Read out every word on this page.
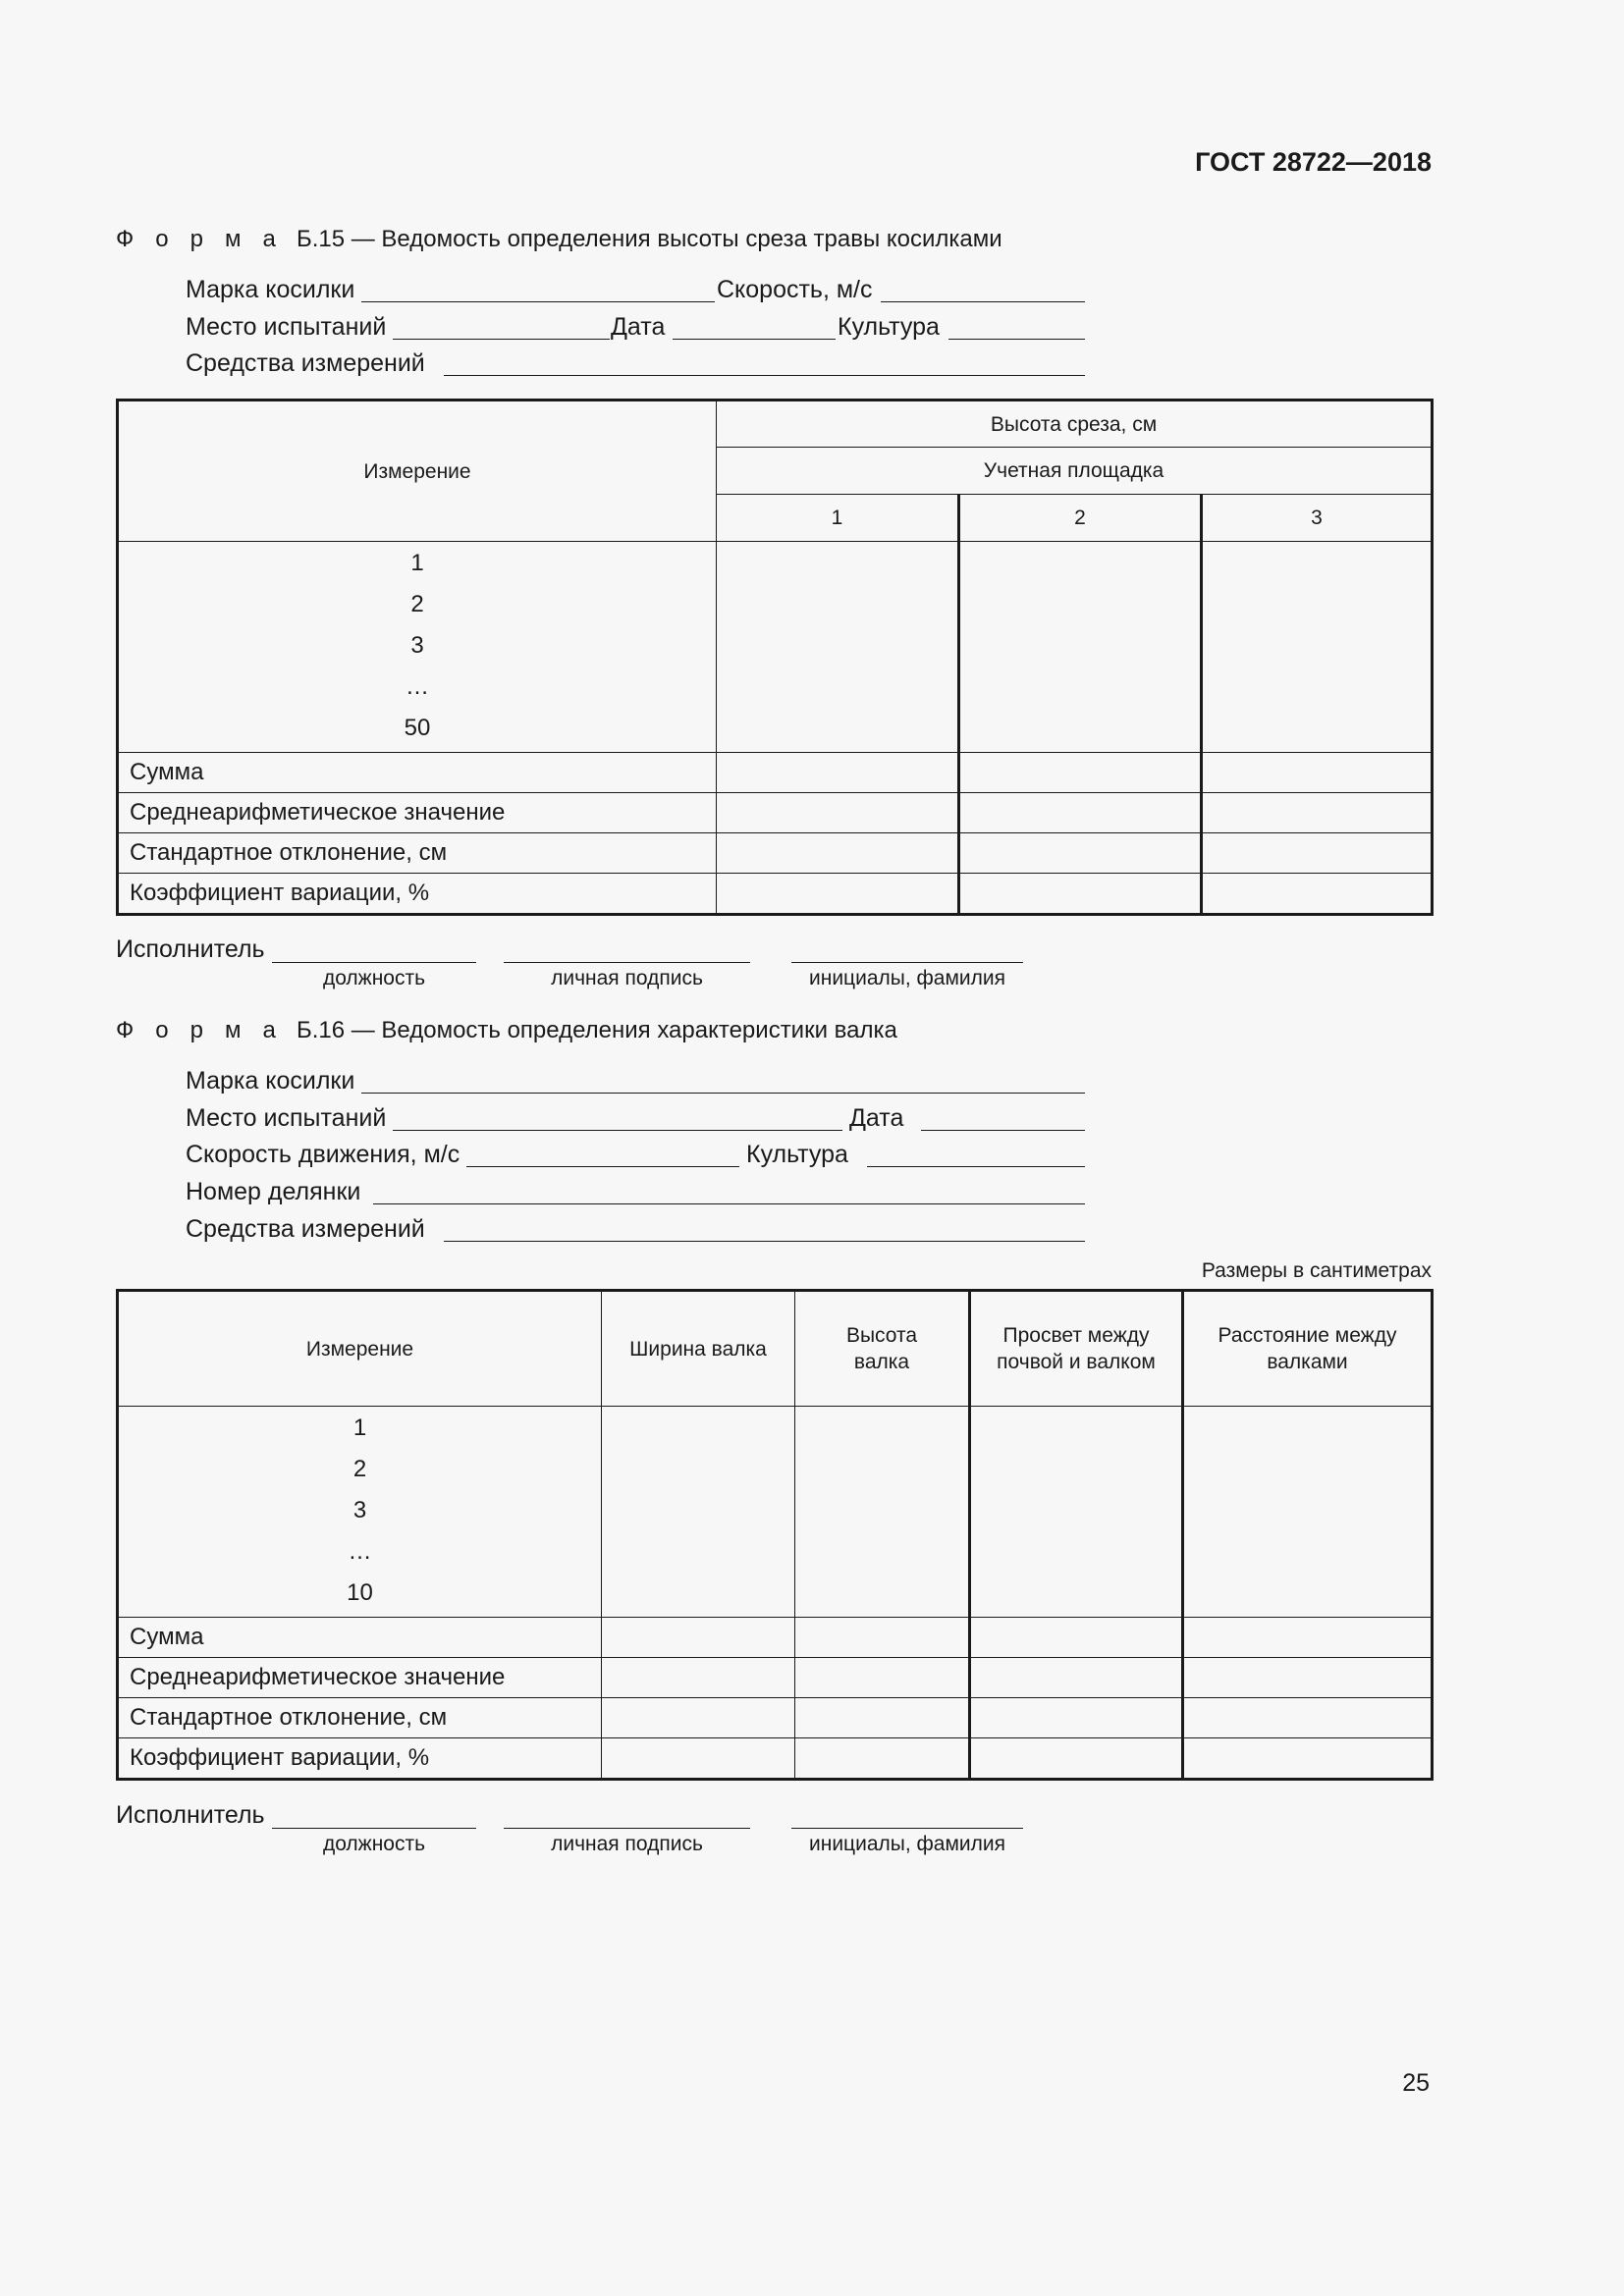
ГОСТ 28722—2018
Ф о р м а Б.15 — Ведомость определения высоты среза травы косилками
Марка косилки	Скорость, м/с
Место испытаний	Дата	Культура
Средства измерений
Измерение	Высота среза, см		
	Учетная площадка		
	1	2	3

1
2
3
…
50			

Сумма			
Среднеарифметическое значение			
Стандартное отклонение, см			
Коэффициент вариации, %			
Исполнитель
должность	личная подпись	инициалы, фамилия
Ф о р м а Б.16 — Ведомость определения характеристики валка
Марка косилки
Место испытаний	Дата
Скорость движения, м/с	Культура
Номер делянки
Средства измерений
Размеры в сантиметрах
Измерение	Ширина валка	Высота валка	Просвет между почвой и валком	Расстояние между валками

1
2
3
…
10				

Сумма				
Среднеарифметическое значение				
Стандартное отклонение, см				
Коэффициент вариации, %				
Исполнитель
должность	личная подпись	инициалы, фамилия
25
